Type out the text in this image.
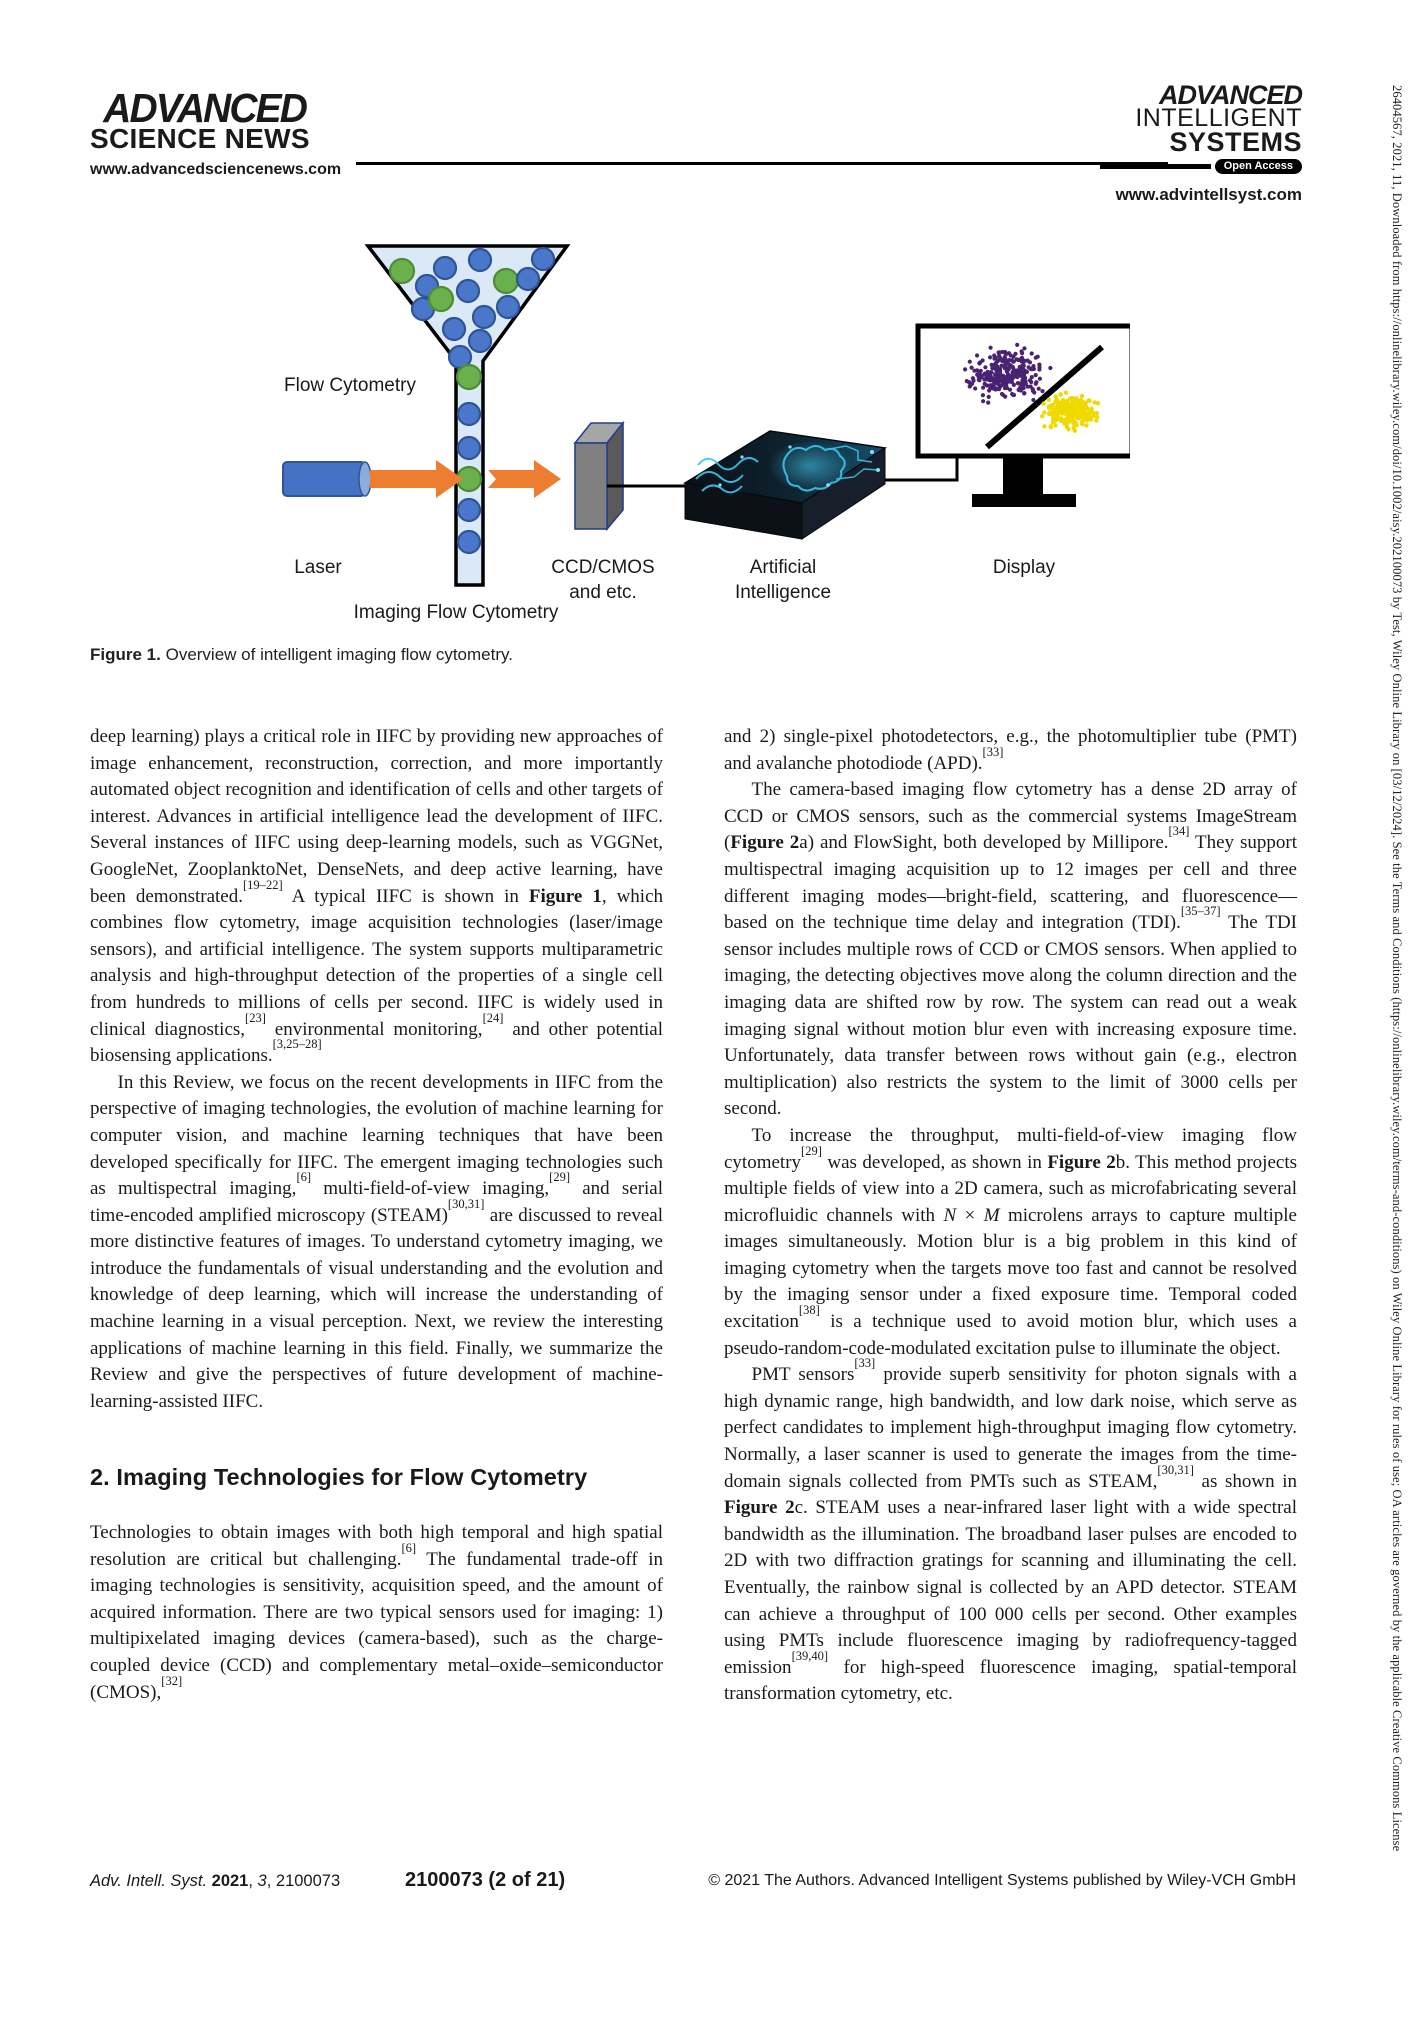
ADVANCED
SCIENCE NEWS
www.advancedsciencenews.com
ADVANCED
INTELLIGENT
SYSTEMS
Open Access
www.advintellsyst.com
Flow Cytometry
Laser	CCD/CMOS
and etc.
Artificial
Intelligence
Display
Imaging Flow Cytometry
Figure 1. Overview of intelligent imaging flow cytometry.

deep learning) plays a critical role in IIFC by providing new approaches of image enhancement, reconstruction, correction, and more importantly automated object recognition and identification of cells and other targets of interest. Advances in artificial intelligence lead the development of IIFC. Several instances of IIFC using deep-learning models, such as VGGNet, GoogleNet, ZooplanktoNet, DenseNets, and deep active learning, have been demonstrated.[19–22] A typical IIFC is shown in Figure 1, which combines flow cytometry, image acquisition technologies (laser/image sensors), and artificial intelligence. The system supports multiparametric analysis and high-throughput detection of the properties of a single cell from hundreds to millions of cells per second. IIFC is widely used in clinical diagnostics,[23] environmental monitoring,[24] and other potential biosensing applications.[3,25–28]

In this Review, we focus on the recent developments in IIFC from the perspective of imaging technologies, the evolution of machine learning for computer vision, and machine learning techniques that have been developed specifically for IIFC. The emergent imaging technologies such as multispectral imaging,[6] multi-field-of-view imaging,[29] and serial time-encoded amplified microscopy (STEAM)[30,31] are discussed to reveal more distinctive features of images. To understand cytometry imaging, we introduce the fundamentals of visual understanding and the evolution and knowledge of deep learning, which will increase the understanding of machine learning in a visual perception. Next, we review the interesting applications of machine learning in this field. Finally, we summarize the Review and give the perspectives of future development of machine-learning-assisted IIFC.

2. Imaging Technologies for Flow Cytometry

Technologies to obtain images with both high temporal and high spatial resolution are critical but challenging.[6] The fundamental trade-off in imaging technologies is sensitivity, acquisition speed, and the amount of acquired information. There are two typical sensors used for imaging: 1) multipixelated imaging devices (camera-based), such as the charge-coupled device (CCD) and complementary metal–oxide–semiconductor (CMOS),[32]

and 2) single-pixel photodetectors, e.g., the photomultiplier tube (PMT) and avalanche photodiode (APD).[33]

The camera-based imaging flow cytometry has a dense 2D array of CCD or CMOS sensors, such as the commercial systems ImageStream (Figure 2a) and FlowSight, both developed by Millipore.[34] They support multispectral imaging acquisition up to 12 images per cell and three different imaging modes—bright-field, scattering, and fluorescence—based on the technique time delay and integration (TDI).[35–37] The TDI sensor includes multiple rows of CCD or CMOS sensors. When applied to imaging, the detecting objectives move along the column direction and the imaging data are shifted row by row. The system can read out a weak imaging signal without motion blur even with increasing exposure time. Unfortunately, data transfer between rows without gain (e.g., electron multiplication) also restricts the system to the limit of 3000 cells per second.

To increase the throughput, multi-field-of-view imaging flow cytometry[29] was developed, as shown in Figure 2b. This method projects multiple fields of view into a 2D camera, such as microfabricating several microfluidic channels with N × M microlens arrays to capture multiple images simultaneously. Motion blur is a big problem in this kind of imaging cytometry when the targets move too fast and cannot be resolved by the imaging sensor under a fixed exposure time. Temporal coded excitation[38] is a technique used to avoid motion blur, which uses a pseudo-random-code-modulated excitation pulse to illuminate the object.

PMT sensors[33] provide superb sensitivity for photon signals with a high dynamic range, high bandwidth, and low dark noise, which serve as perfect candidates to implement high-throughput imaging flow cytometry. Normally, a laser scanner is used to generate the images from the time-domain signals collected from PMTs such as STEAM,[30,31] as shown in Figure 2c. STEAM uses a near-infrared laser light with a wide spectral bandwidth as the illumination. The broadband laser pulses are encoded to 2D with two diffraction gratings for scanning and illuminating the cell. Eventually, the rainbow signal is collected by an APD detector. STEAM can achieve a throughput of 100 000 cells per second. Other examples using PMTs include fluorescence imaging by radiofrequency-tagged emission[39,40] for high-speed fluorescence imaging, spatial-temporal transformation cytometry, etc.

Adv. Intell. Syst. 2021, 3, 2100073	2100073 (2 of 21)	© 2021 The Authors. Advanced Intelligent Systems published by Wiley-VCH GmbH
26404567, 2021, 11, Downloaded from https://onlinelibrary.wiley.com/doi/10.1002/aisy.202100073 by Test, Wiley Online Library on [03/12/2024]. See the Terms and Conditions (https://onlinelibrary.wiley.com/terms-and-conditions) on Wiley Online Library for rules of use; OA articles are governed by the applicable Creative Commons License
